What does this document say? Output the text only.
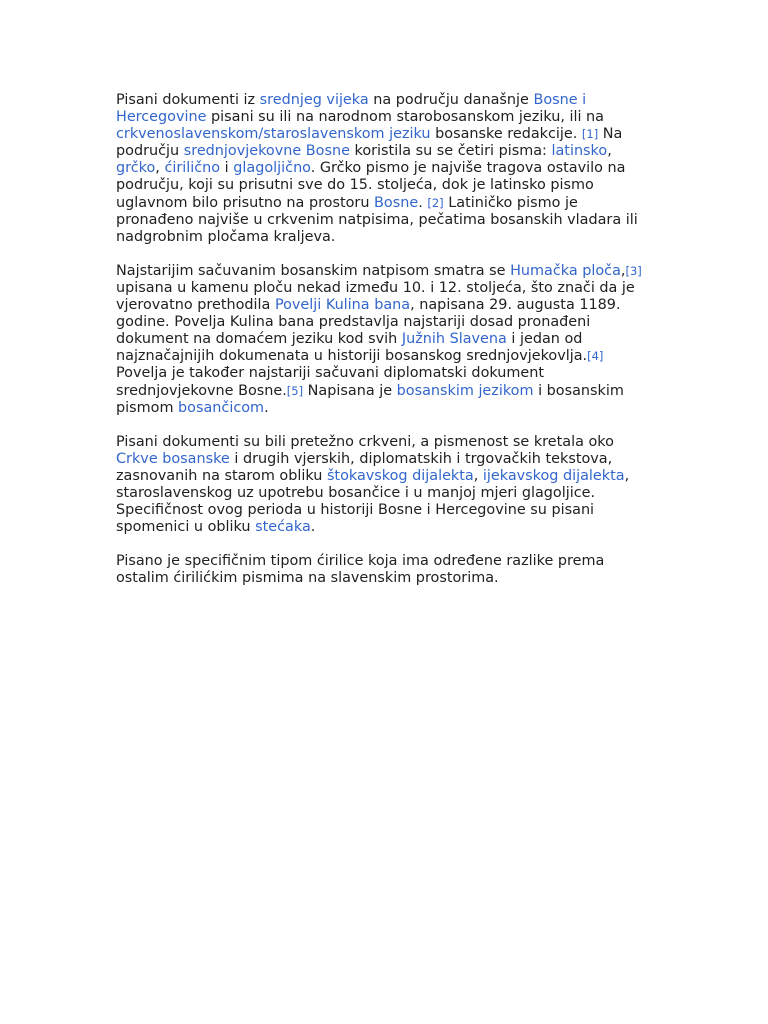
Pisani dokumenti iz srednjeg vijeka na području današnje Bosne i Hercegovine pisani su ili na narodnom starobosanskom jeziku, ili na crkvenoslavenskom/staroslavenskom jeziku bosanske redakcije. [1] Na području srednjovjekovne Bosne koristila su se četiri pisma: latinsko, grčko, ćirilično i glagoljično. Grčko pismo je najviše tragova ostavilo na području, koji su prisutni sve do 15. stoljeća, dok je latinsko pismo uglavnom bilo prisutno na prostoru Bosne. [2] Latiničko pismo je pronađeno najviše u crkvenim natpisima, pečatima bosanskih vladara ili nadgrobnim pločama kraljeva.

Najstarijim sačuvanim bosanskim natpisom smatra se Humačka ploča,[3] upisana u kamenu ploču nekad između 10. i 12. stoljeća, što znači da je vjerovatno prethodila Povelji Kulina bana, napisana 29. augusta 1189. godine. Povelja Kulina bana predstavlja najstariji dosad pronađeni dokument na domaćem jeziku kod svih Južnih Slavena i jedan od najznačajnijih dokumenata u historiji bosanskog srednjovjekovlja.[4] Povelja je također najstariji sačuvani diplomatski dokument srednjovjekovne Bosne.[5] Napisana je bosanskim jezikom i bosanskim pismom bosančicom.

Pisani dokumenti su bili pretežno crkveni, a pismenost se kretala oko Crkve bosanske i drugih vjerskih, diplomatskih i trgovačkih tekstova, zasnovanih na starom obliku štokavskog dijalekta, ijekavskog dijalekta, staroslavenskog uz upotrebu bosančice i u manjoj mjeri glagoljice. Specifičnost ovog perioda u historiji Bosne i Hercegovine su pisani spomenici u obliku stećaka.

Pisano je specifičnim tipom ćirilice koja ima određene razlike prema ostalim ćirilićkim pismima na slavenskim prostorima.
